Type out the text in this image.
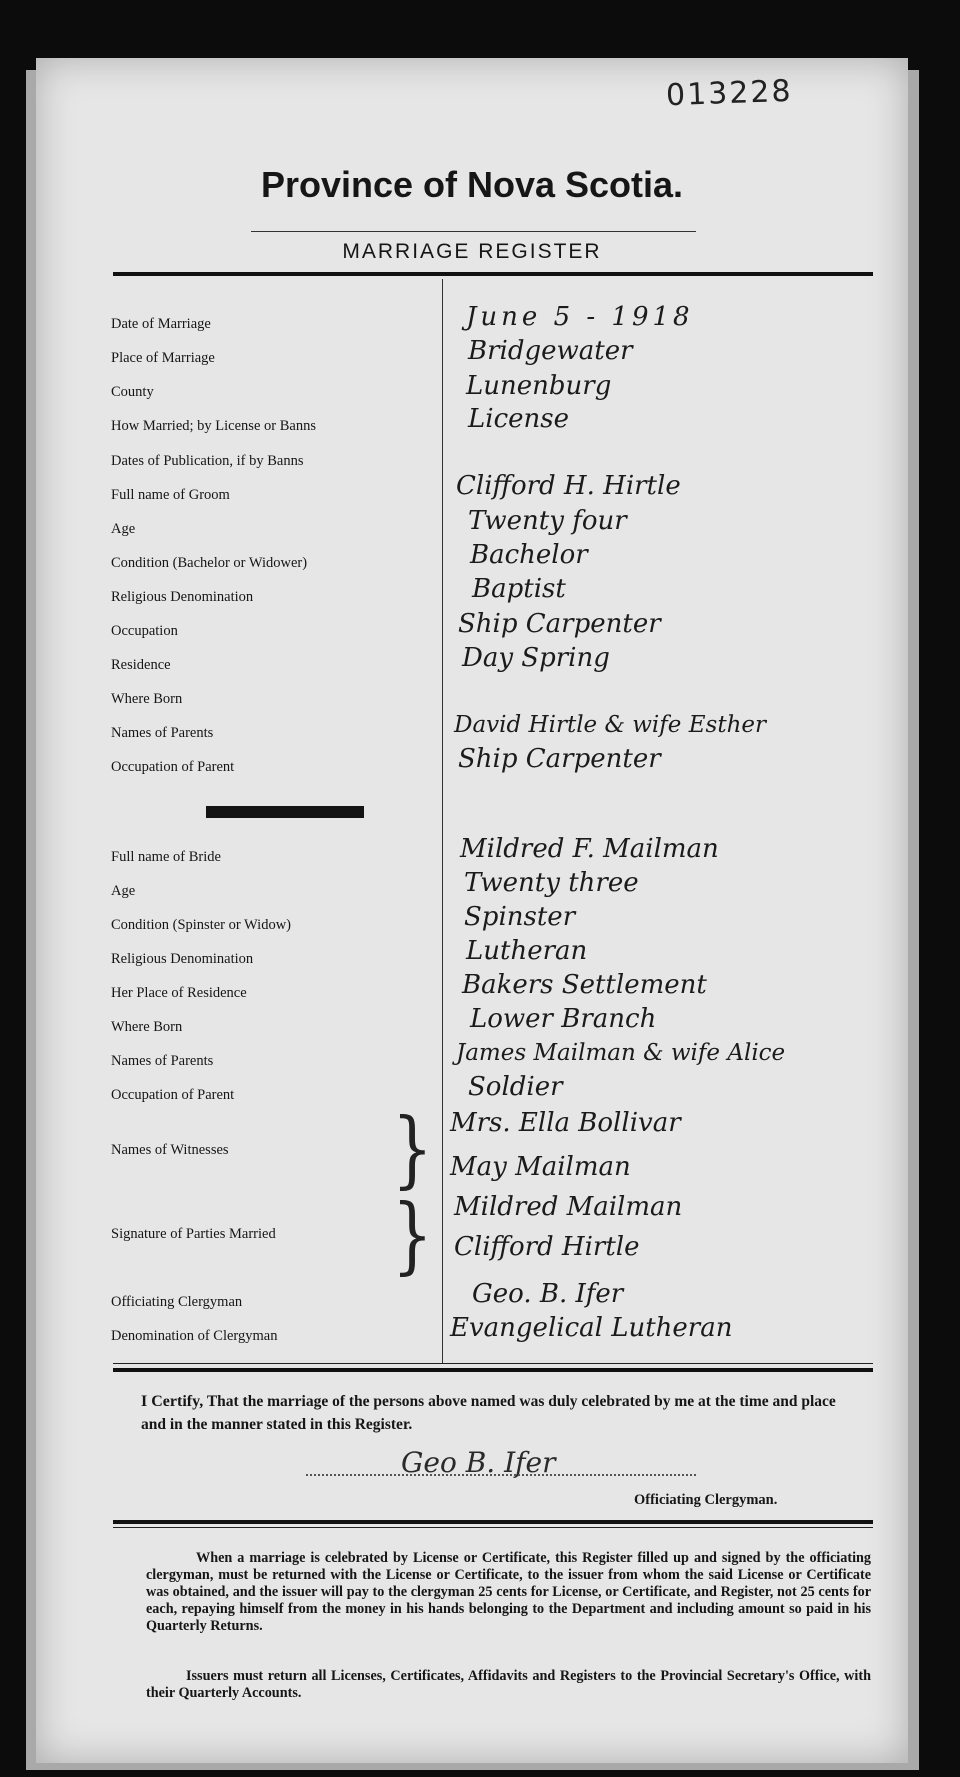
013228
Province of Nova Scotia.
MARRIAGE REGISTER
Date of Marriage	June 5 - 1918
Place of Marriage	Bridgewater
County	Lunenburg
How Married; by License or Banns	License
Dates of Publication, if by Banns
Full name of Groom	Clifford H. Hirtle
Age	Twenty four
Condition (Bachelor or Widower)	Bachelor
Religious Denomination	Baptist
Occupation	Ship Carpenter
Residence	Day Spring
Where Born
Names of Parents	David Hirtle & wife Esther
Occupation of Parent	Ship Carpenter
Full name of Bride	Mildred F. Mailman
Age	Twenty three
Condition (Spinster or Widow)	Spinster
Religious Denomination	Lutheran
Her Place of Residence	Bakers Settlement
Where Born	Lower Branch
Names of Parents	James Mailman & wife Alice
Occupation of Parent	Soldier
Names of Witnesses	} Mrs. Ella Bollivar
May Mailman
Signature of Parties Married	} Mildred Mailman
Clifford Hirtle
Officiating Clergyman	Geo. B. Ifer
Denomination of Clergyman	Evangelical Lutheran
I Certify, That the marriage of the persons above named was duly celebrated by me at the time and place and in the manner stated in this Register.
Geo B. Ifer
Officiating Clergyman.
When a marriage is celebrated by License or Certificate, this Register filled up and signed by the officiating clergyman, must be returned with the License or Certificate, to the issuer from whom the said License or Certificate was obtained, and the issuer will pay to the clergyman 25 cents for License, or Certificate, and Register, not 25 cents for each, repaying himself from the money in his hands belonging to the Department and including amount so paid in his Quarterly Returns.
Issuers must return all Licenses, Certificates, Affidavits and Registers to the Provincial Secretary's Office, with their Quarterly Accounts.
